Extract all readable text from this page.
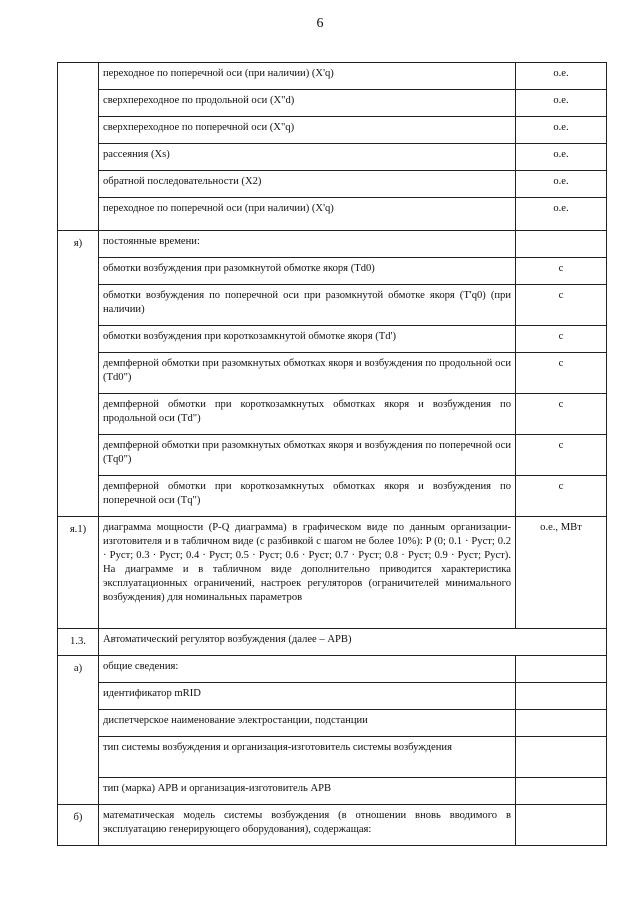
6
	переходное по поперечной оси (при наличии) (X'q)	o.e.
	сверхпереходное по продольной оси (X"d)	o.e.
	сверхпереходное по поперечной оси (X"q)	o.e.
	рассеяния (Xs)	o.e.
	обратной последовательности (X2)	o.e.
	переходное по поперечной оси (при наличии) (X'q)	o.e.
я)	постоянные времени:	
	обмотки возбуждения при разомкнутой обмотке якоря (Td0)	c
	обмотки возбуждения по поперечной оси при разомкнутой обмотке якоря (T'q0) (при наличии)	c
	обмотки возбуждения при короткозамкнутой обмотке якоря (Td')	c
	демпферной обмотки при разомкнутых обмотках якоря и возбуждения по продольной оси (Td0")	c
	демпферной обмотки при короткозамкнутых обмотках якоря и возбуждения по продольной оси (Td")	c
	демпферной обмотки при разомкнутых обмотках якоря и возбуждения по поперечной оси (Tq0")	c
	демпферной обмотки при короткозамкнутых обмотках якоря и возбуждения по поперечной оси (Tq")	c
я.1)	диаграмма мощности (P-Q диаграмма) в графическом виде по данным организации-изготовителя и в табличном виде (с разбивкой с шагом не более 10%): P (0; 0.1 · Pуст; 0.2 · Pуст; 0.3 · Pуст; 0.4 · Pуст; 0.5 · Pуст; 0.6 · Pуст; 0.7 · Pуст; 0.8 · Pуст; 0.9 · Pуст; Pуст). На диаграмме и в табличном виде дополнительно приводится характеристика эксплуатационных ограничений, настроек регуляторов (ограничителей минимального возбуждения) для номинальных параметров	o.e., МВт
1.3.	Автоматический регулятор возбуждения (далее – АРВ)	
а)	общие сведения:	
	идентификатор mRID	
	диспетчерское наименование электростанции, подстанции	
	тип системы возбуждения и организация-изготовитель системы возбуждения	
	тип (марка) АРВ и организация-изготовитель АРВ	
б)	математическая модель системы возбуждения (в отношении вновь вводимого в эксплуатацию генерирующего оборудования), содержащая:	
